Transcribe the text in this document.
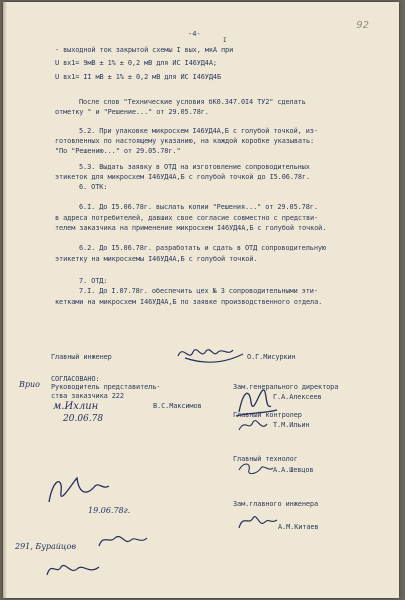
92
-4-
I
- выходной ток закрытой схемы I вых, мкА при
U вх1= 9мВ ± 1% ± 0,2 мВ для ИС I46УД4А;
U вх1= II мВ ± 1% ± 0,2 мВ для ИС I46УД4Б
После слов "Технические условия бК0.347.0I4 ТУ2" сделать
отметку " и "Решение..." от 29.05.78г.
5.2. При упаковке микросхем I46УД4А,Б с голубой точкой, из-
готовленных по настоящему указанию, на каждой коробке указывать:
"По "Решению..." от 29.05.78г."
5.3. Выдать заявку в ОТД на изготовление сопроводительных
этикеток для микросхем I46УД4А,Б с голубой точкой до I5.06.78г.
6. ОТК:
6.I. До I5.06.78г. выслать копии "Решения..." от 29.05.78г.
в адреса потребителей, давших свое согласие совместно с предстви-
телем заказчика на применение микросхем I46УД4А,Б с голубой точкой.
6.2. До I5.06.78г. разработать и сдать в ОТД сопроводительную
этикетку на микросхемы I46УД4А,Б с голубой точкой.
7. ОТД:
7.I. До I.07.78г. обеспечить цех № 3 сопроводительными эти-
кетками на микросхем I46УД4А,Б по заявке производственного отдела.
Главный инженер	О.Г.Мисуркин
СОГЛАСОВАНО:
Руководитель представитель-
ства заказчика 222
В.С.Максимов
Зам.генерального директора
Г.А.Алексеев
Главный контролер
Т.М.Ильин
Главный технолог
А.А.Шевцов
Зам.главного инженера
А.М.Китаев
Врио
м.Ихлин
20.06.78
19.06.78г.
291, Бурайцов
